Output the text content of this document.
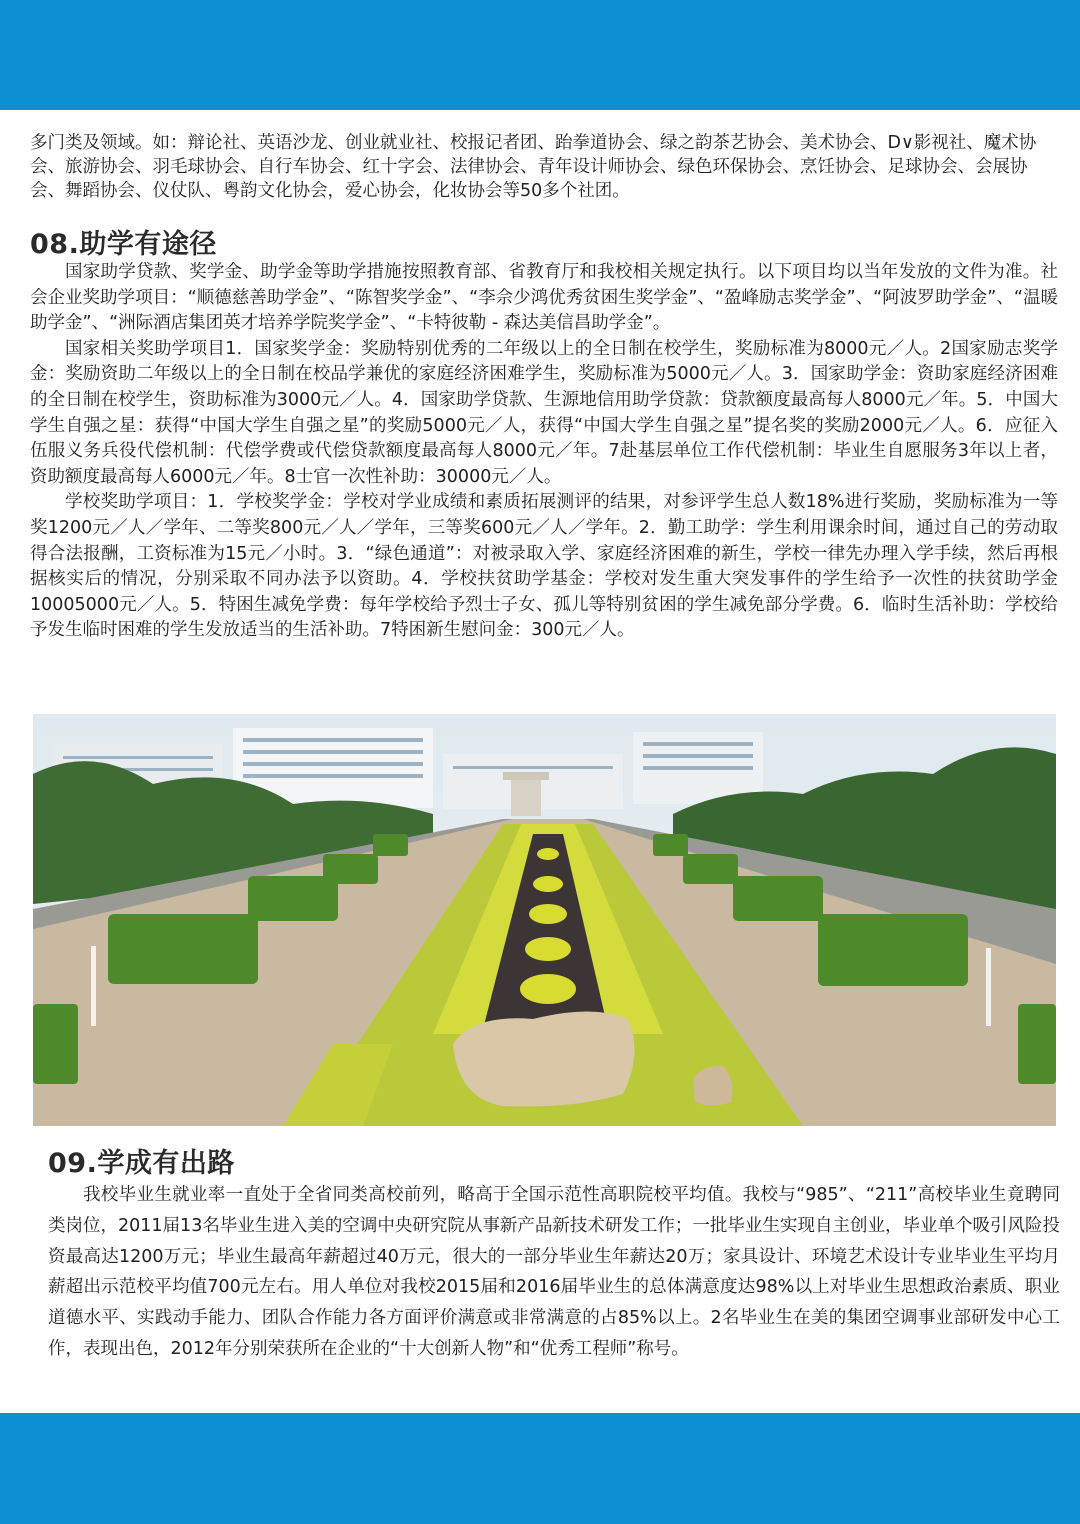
多门类及领域。如：辩论社、英语沙龙、创业就业社、校报记者团、跆拳道协会、绿之韵茶艺协会、美术协会、D∨影视社、魔术协会、旅游协会、羽毛球协会、自行车协会、红十字会、法律协会、青年设计师协会、绿色环保协会、烹饪协会、足球协会、会展协会、舞蹈协会、仪仗队、粤韵文化协会，爱心协会，化妆协会等50多个社团。
08.助学有途径

国家助学贷款、奖学金、助学金等助学措施按照教育部、省教育厅和我校相关规定执行。以下项目均以当年发放的文件为准。社会企业奖助学项目：“顺德慈善助学金”、“陈智奖学金”、“李佘少鸿优秀贫困生奖学金”、“盈峰励志奖学金”、“阿波罗助学金”、“温暖助学金”、“洲际酒店集团英才培养学院奖学金”、“卡特彼勒 - 森达美信昌助学金”。

国家相关奖助学项目1．国家奖学金：奖励特别优秀的二年级以上的全日制在校学生，奖励标准为8000元／人。2国家励志奖学金：奖励资助二年级以上的全日制在校品学兼优的家庭经济困难学生，奖励标准为5000元／人。3．国家助学金：资助家庭经济困难的全日制在校学生，资助标准为3000元／人。4．国家助学贷款、生源地信用助学贷款：贷款额度最高每人8000元／年。5．中国大学生自强之星：获得“中国大学生自强之星”的奖励5000元／人，获得“中国大学生自强之星”提名奖的奖励2000元／人。6．应征入伍服义务兵役代偿机制：代偿学费或代偿贷款额度最高每人8000元／年。7赴基层单位工作代偿机制：毕业生自愿服务3年以上者，资助额度最高每人6000元／年。8士官一次性补助：30000元／人。

学校奖助学项目：1．学校奖学金：学校对学业成绩和素质拓展测评的结果，对参评学生总人数18%进行奖励，奖励标准为一等奖1200元／人／学年、二等奖800元／人／学年，三等奖600元／人／学年。2．勤工助学：学生利用课余时间，通过自己的劳动取得合法报酬，工资标准为15元／小时。3．“绿色通道”：对被录取入学、家庭经济困难的新生，学校一律先办理入学手续，然后再根据核实后的情况，分别采取不同办法予以资助。4．学校扶贫助学基金：学校对发生重大突发事件的学生给予一次性的扶贫助学金10005000元／人。5．特困生减免学费：每年学校给予烈士子女、孤儿等特别贫困的学生减免部分学费。6．临时生活补助：学校给予发生临时困难的学生发放适当的生活补助。7特困新生慰问金：300元／人。

09.学成有出路

我校毕业生就业率一直处于全省同类高校前列，略高于全国示范性高职院校平均值。我校与“985”、“211”高校毕业生竟聘同类岗位，2011届13名毕业生进入美的空调中央研究院从事新产品新技术研发工作；一批毕业生实现自主创业，毕业单个吸引风险投资最高达1200万元；毕业生最高年薪超过40万元，很大的一部分毕业生年薪达20万；家具设计、环境艺术设计专业毕业生平均月薪超出示范校平均值700元左右。用人单位对我校2015届和2016届毕业生的总体满意度达98%以上对毕业生思想政治素质、职业道德水平、实践动手能力、团队合作能力各方面评价满意或非常满意的占85%以上。2名毕业生在美的集团空调事业部研发中心工作，表现出色，2012年分别荣获所在企业的“十大创新人物”和“优秀工程师”称号。
